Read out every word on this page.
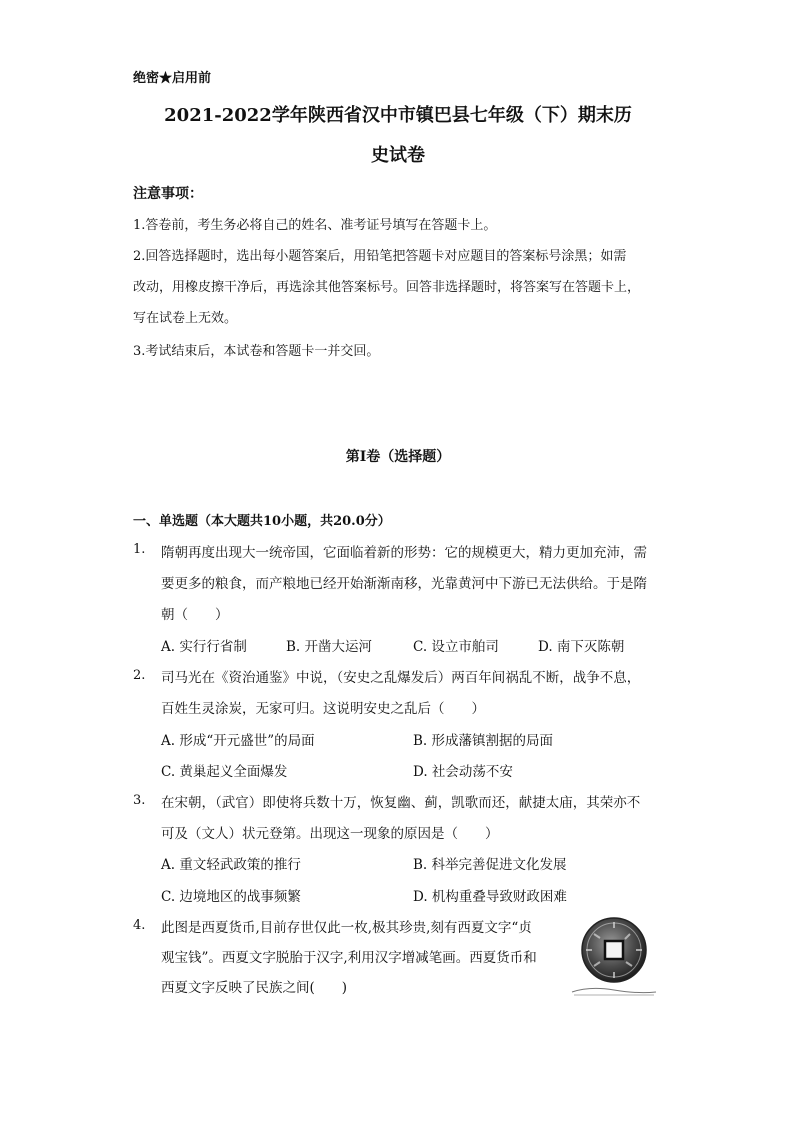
绝密★启用前
2021-2022学年陕西省汉中市镇巴县七年级（下）期末历
史试卷
注意事项：
1.答卷前，考生务必将自己的姓名、准考证号填写在答题卡上。
2.回答选择题时，选出每小题答案后，用铅笔把答题卡对应题目的答案标号涂黑；如需
改动，用橡皮擦干净后，再选涂其他答案标号。回答非选择题时，将答案写在答题卡上，
写在试卷上无效。
3.考试结束后，本试卷和答题卡一并交回。
第I卷（选择题）
一、单选题（本大题共10小题，共20.0分）
1. 隋朝再度出现大一统帝国，它面临着新的形势：它的规模更大，精力更加充沛，需
要更多的粮食，而产粮地已经开始渐渐南移，光靠黄河中下游已无法供给。于是隋
朝（　　）
A. 实行行省制	B. 开凿大运河	C. 设立市舶司	D. 南下灭陈朝
2. 司马光在《资治通鉴》中说，（安史之乱爆发后）两百年间祸乱不断，战争不息，
百姓生灵涂炭，无家可归。这说明安史之乱后（　　）
A. 形成“开元盛世”的局面	B. 形成藩镇割据的局面
C. 黄巢起义全面爆发	D. 社会动荡不安
3. 在宋朝，（武官）即使将兵数十万，恢复幽、蓟，凯歌而还，献捷太庙，其荣亦不
可及（文人）状元登第。出现这一现象的原因是（　　）
A. 重文轻武政策的推行	B. 科举完善促进文化发展
C. 边境地区的战事频繁	D. 机构重叠导致财政困难
4. 此图是西夏货币,目前存世仅此一枚,极其珍贵,刻有西夏文字“贞
观宝钱”。西夏文字脱胎于汉字,利用汉字增减笔画。西夏货币和
西夏文字反映了民族之间(　　)
